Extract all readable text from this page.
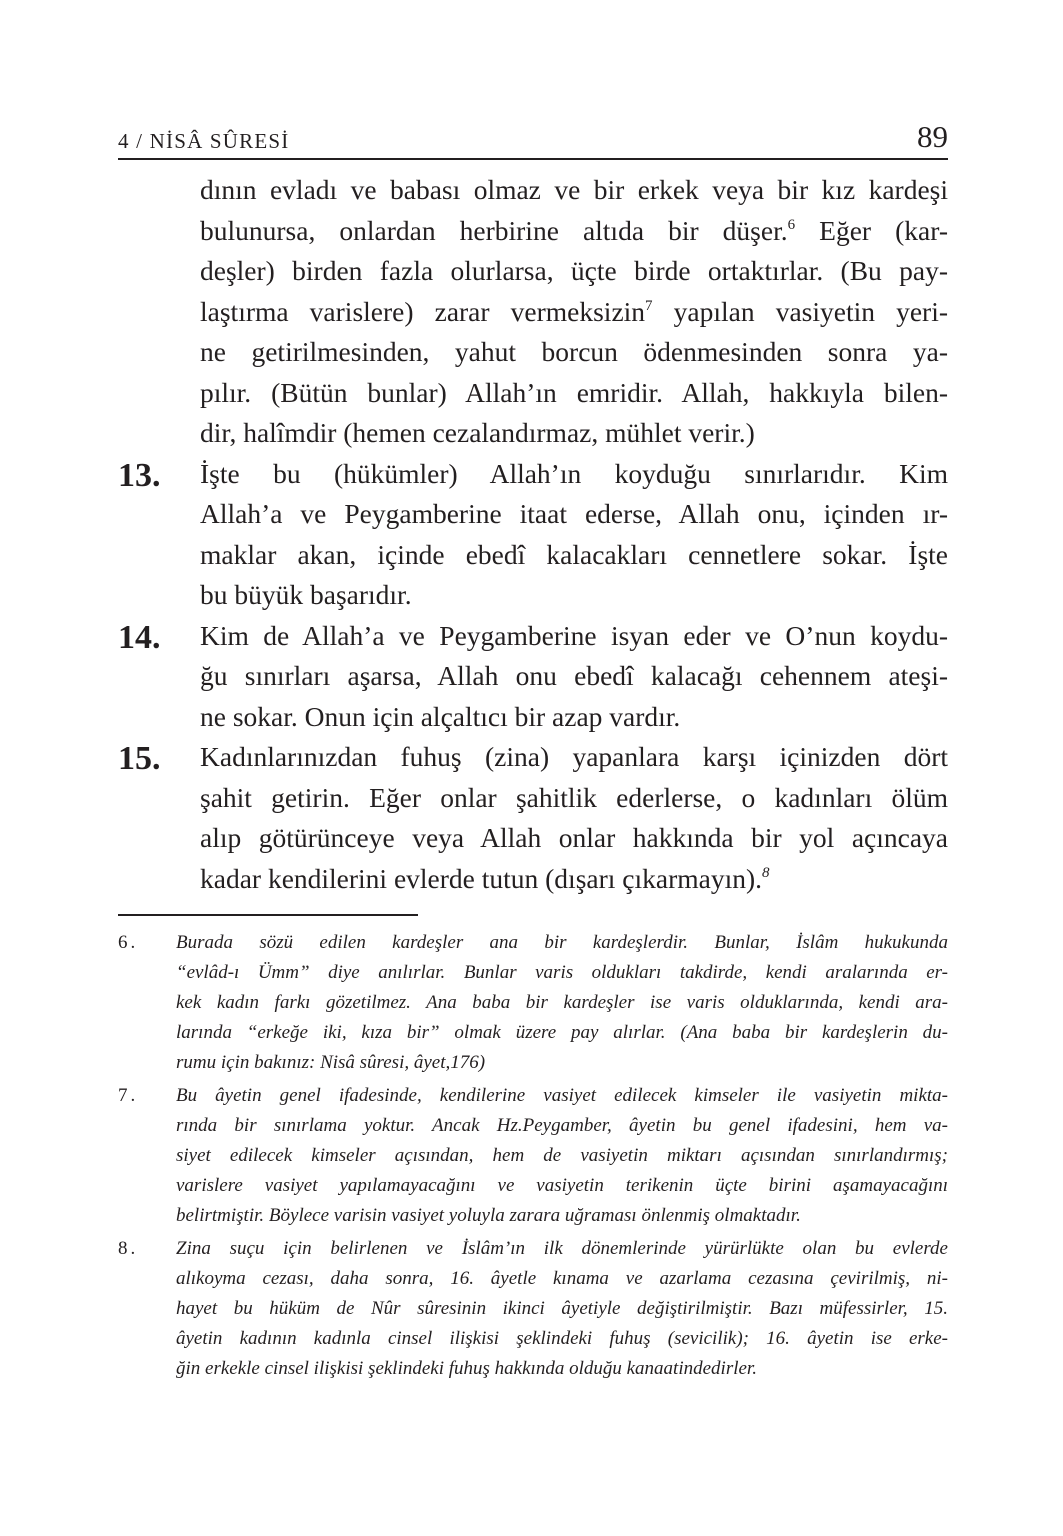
4 / NİSÂ SÛRESİ	89
dının evladı ve babası olmaz ve bir erkek veya bir kız kardeşi
bulunursa, onlardan herbirine altıda bir düşer.$^6$ Eğer (kar-
deşler) birden fazla olurlarsa, üçte birde ortaktırlar. (Bu pay-
laştırma varislere) zarar vermeksizin$^7$ yapılan vasiyetin yeri-
ne getirilmesinden, yahut borcun ödenmesinden sonra ya-
pılır. (Bütün bunlar) Allah’ın emridir. Allah, hakkıyla bilen-
dir, halîmdir (hemen cezalandırmaz, mühlet verir.)
13. İşte bu (hükümler) Allah’ın koyduğu sınırlarıdır. Kim
Allah’a ve Peygamberine itaat ederse, Allah onu, içinden ır-
maklar akan, içinde ebedî kalacakları cennetlere sokar. İşte
bu büyük başarıdır.
14. Kim de Allah’a ve Peygamberine isyan eder ve O’nun koydu-
ğu sınırları aşarsa, Allah onu ebedî kalacağı cehennem ateşi-
ne sokar. Onun için alçaltıcı bir azap vardır.
15. Kadınlarınızdan fuhuş (zina) yapanlara karşı içinizden dört
şahit getirin. Eğer onlar şahitlik ederlerse, o kadınları ölüm
alıp götürünceye veya Allah onlar hakkında bir yol açıncaya
kadar kendilerini evlerde tutun (dışarı çıkarmayın).$^8$
6. Burada sözü edilen kardeşler ana bir kardeşlerdir. Bunlar, İslâm hukukunda
“evlâd-ı Ümm” diye anılırlar. Bunlar varis oldukları takdirde, kendi aralarında er-
kek kadın farkı gözetilmez. Ana baba bir kardeşler ise varis olduklarında, kendi ara-
larında “erkeğe iki, kıza bir” olmak üzere pay alırlar. (Ana baba bir kardeşlerin du-
rumu için bakınız: Nisâ sûresi, âyet,176)
7. Bu âyetin genel ifadesinde, kendilerine vasiyet edilecek kimseler ile vasiyetin mikta-
rında bir sınırlama yoktur. Ancak Hz.Peygamber, âyetin bu genel ifadesini, hem va-
siyet edilecek kimseler açısından, hem de vasiyetin miktarı açısından sınırlandırmış;
varislere vasiyet yapılamayacağını ve vasiyetin terikenin üçte birini aşamayacağını
belirtmiştir. Böylece varisin vasiyet yoluyla zarara uğraması önlenmiş olmaktadır.
8. Zina suçu için belirlenen ve İslâm’ın ilk dönemlerinde yürürlükte olan bu evlerde
alıkoyma cezası, daha sonra, 16. âyetle kınama ve azarlama cezasına çevirilmiş, ni-
hayet bu hüküm de Nûr sûresinin ikinci âyetiyle değiştirilmiştir. Bazı müfessirler, 15.
âyetin kadının kadınla cinsel ilişkisi şeklindeki fuhuş (sevicilik); 16. âyetin ise erke-
ğin erkekle cinsel ilişkisi şeklindeki fuhuş hakkında olduğu kanaatindedirler.
